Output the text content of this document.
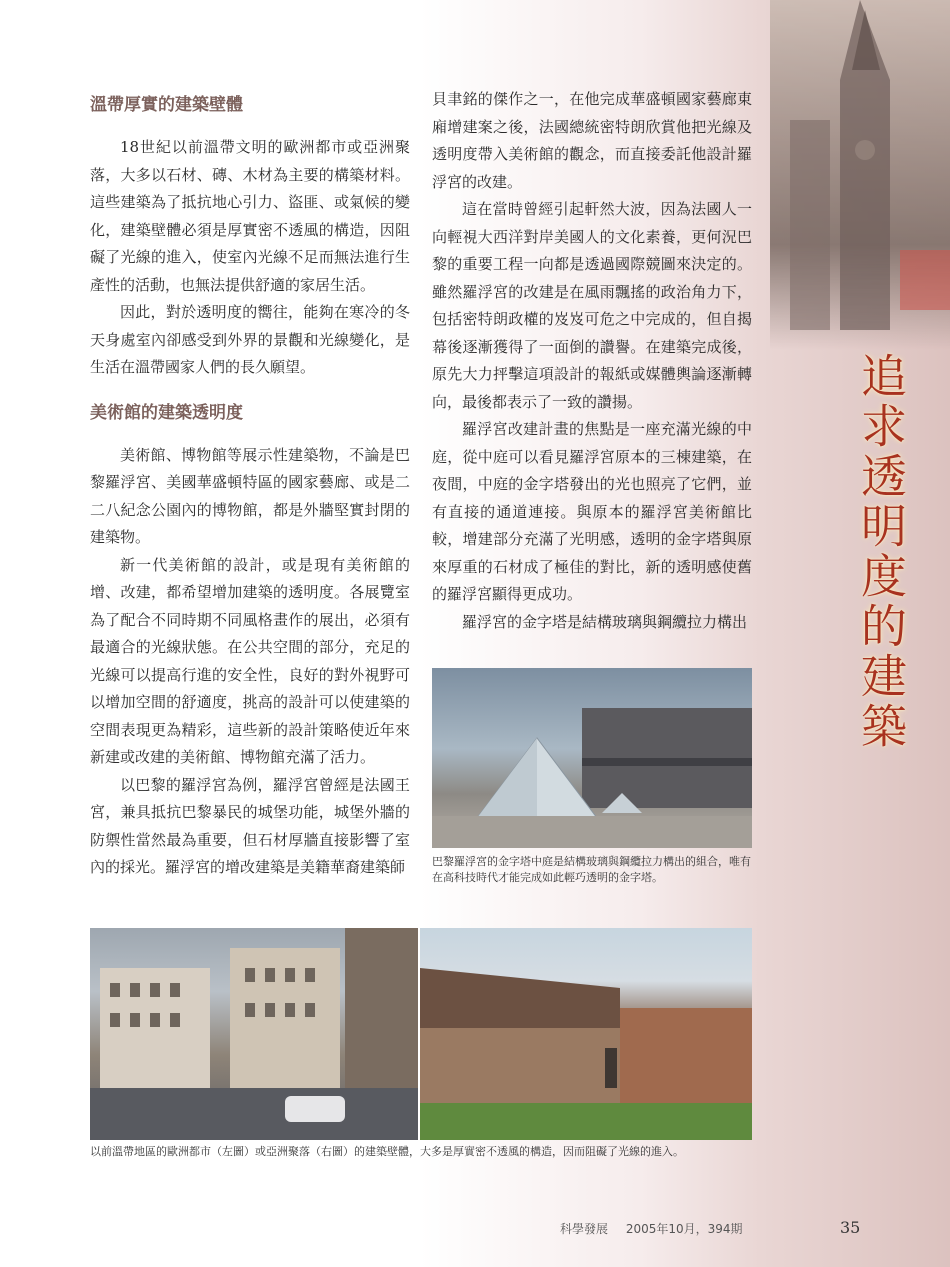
追求透明度的建築
溫帶厚實的建築壁體

18世紀以前溫帶文明的歐洲都市或亞洲聚落，大多以石材、磚、木材為主要的構築材料。這些建築為了抵抗地心引力、盜匪、或氣候的變化，建築壁體必須是厚實密不透風的構造，因阻礙了光線的進入，使室內光線不足而無法進行生產性的活動，也無法提供舒適的家居生活。

因此，對於透明度的嚮往，能夠在寒冷的冬天身處室內卻感受到外界的景觀和光線變化，是生活在溫帶國家人們的長久願望。

美術館的建築透明度

美術館、博物館等展示性建築物，不論是巴黎羅浮宮、美國華盛頓特區的國家藝廊、或是二二八紀念公園內的博物館，都是外牆堅實封閉的建築物。

新一代美術館的設計，或是現有美術館的增、改建，都希望增加建築的透明度。各展覽室為了配合不同時期不同風格畫作的展出，必須有最適合的光線狀態。在公共空間的部分，充足的光線可以提高行進的安全性，良好的對外視野可以增加空間的舒適度，挑高的設計可以使建築的空間表現更為精彩，這些新的設計策略使近年來新建或改建的美術館、博物館充滿了活力。

以巴黎的羅浮宮為例，羅浮宮曾經是法國王宮，兼具抵抗巴黎暴民的城堡功能，城堡外牆的防禦性當然最為重要，但石材厚牆直接影響了室內的採光。羅浮宮的增改建築是美籍華裔建築師

貝聿銘的傑作之一，在他完成華盛頓國家藝廊東廂增建案之後，法國總統密特朗欣賞他把光線及透明度帶入美術館的觀念，而直接委託他設計羅浮宮的改建。

這在當時曾經引起軒然大波，因為法國人一向輕視大西洋對岸美國人的文化素養，更何況巴黎的重要工程一向都是透過國際競圖來決定的。雖然羅浮宮的改建是在風雨飄搖的政治角力下，包括密特朗政權的岌岌可危之中完成的，但自揭幕後逐漸獲得了一面倒的讚譽。在建築完成後，原先大力抨擊這項設計的報紙或媒體輿論逐漸轉向，最後都表示了一致的讚揚。

羅浮宮改建計畫的焦點是一座充滿光線的中庭，從中庭可以看見羅浮宮原本的三棟建築，在夜間，中庭的金字塔發出的光也照亮了它們，並有直接的通道連接。與原本的羅浮宮美術館比較，增建部分充滿了光明感，透明的金字塔與原來厚重的石材成了極佳的對比，新的透明感使舊的羅浮宮顯得更成功。

羅浮宮的金字塔是結構玻璃與鋼纜拉力構出

巴黎羅浮宮的金字塔中庭是結構玻璃與鋼纜拉力構出的組合，唯有在高科技時代才能完成如此輕巧透明的金字塔。
以前溫帶地區的歐洲都市（左圖）或亞洲聚落（右圖）的建築壁體，大多是厚實密不透風的構造，因而阻礙了光線的進入。
科學發展 2005年10月，394期	35
